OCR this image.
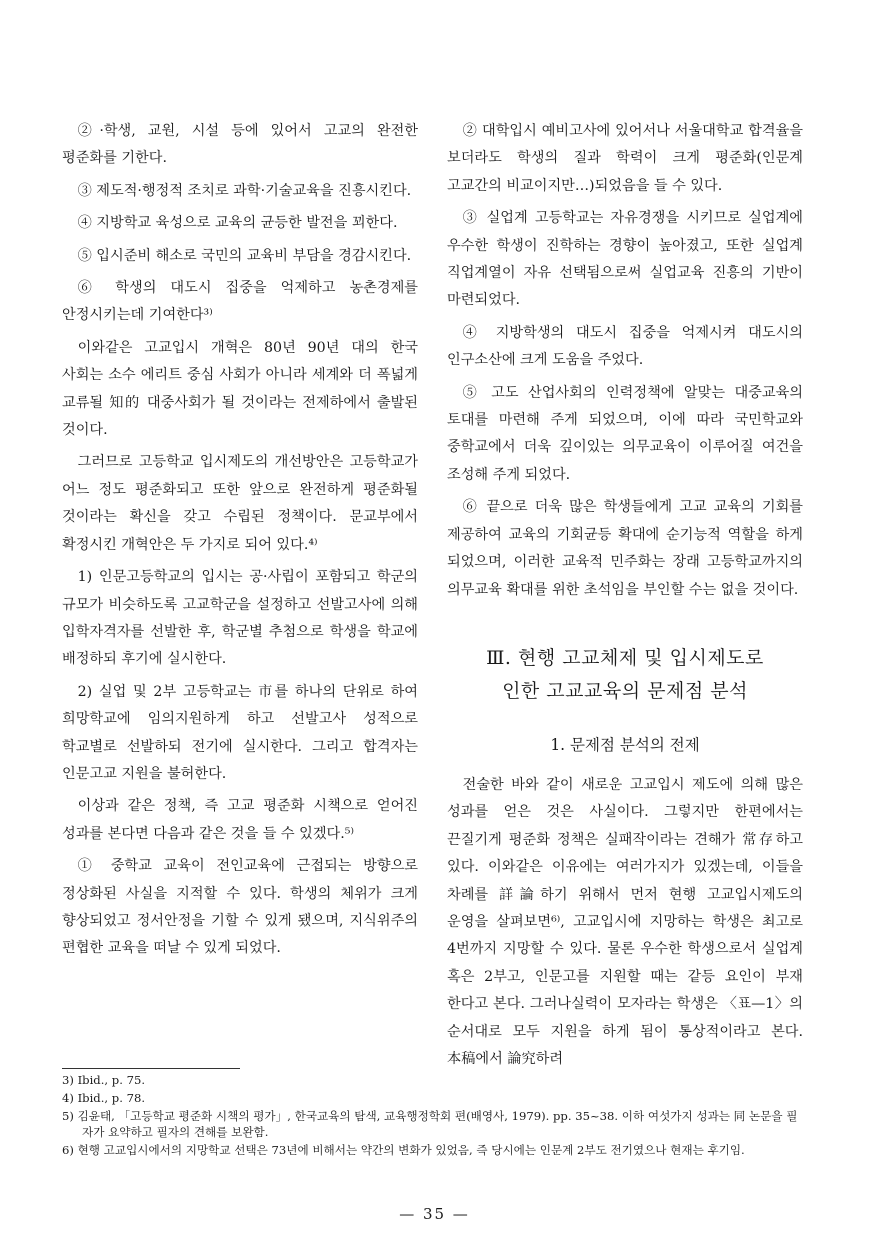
②·학생, 교원, 시설 등에 있어서 고교의 완전한 평준화를 기한다.

③ 제도적·행정적 조치로 과학·기술교육을 진흥시킨다.

④ 지방학교 육성으로 교육의 균등한 발전을 꾀한다.

⑤ 입시준비 해소로 국민의 교육비 부담을 경감시킨다.

⑥ 학생의 대도시 집중을 억제하고 농촌경제를 안정시키는데 기여한다³⁾

이와같은 고교입시 개혁은 80년 90년 대의 한국 사회는 소수 에리트 중심 사회가 아니라 세계와 더 폭넓게 교류될 知的 대중사회가 될 것이라는 전제하에서 출발된 것이다.

그러므로 고등학교 입시제도의 개선방안은 고등학교가 어느 정도 평준화되고 또한 앞으로 완전하게 평준화될 것이라는 확신을 갖고 수립된 정책이다. 문교부에서 확정시킨 개혁안은 두 가지로 되어 있다.⁴⁾

1) 인문고등학교의 입시는 공·사립이 포함되고 학군의 규모가 비슷하도록 고교학군을 설정하고 선발고사에 의해 입학자격자를 선발한 후, 학군별 추첨으로 학생을 학교에 배정하되 후기에 실시한다.

2) 실업 및 2부 고등학교는 市를 하나의 단위로 하여 희망학교에 임의지원하게 하고 선발고사 성적으로 학교별로 선발하되 전기에 실시한다. 그리고 합격자는 인문고교 지원을 불허한다.

이상과 같은 정책, 즉 고교 평준화 시책으로 얻어진 성과를 본다면 다음과 같은 것을 들 수 있겠다.⁵⁾

① 중학교 교육이 전인교육에 근접되는 방향으로 정상화된 사실을 지적할 수 있다. 학생의 체위가 크게 향상되었고 정서안정을 기할 수 있게 됐으며, 지식위주의 편협한 교육을 떠날 수 있게 되었다.

② 대학입시 예비고사에 있어서나 서울대학교 합격율을 보더라도 학생의 질과 학력이 크게 평준화(인문계 고교간의 비교이지만…)되었음을 들 수 있다.

③ 실업계 고등학교는 자유경쟁을 시키므로 실업계에 우수한 학생이 진학하는 경향이 높아졌고, 또한 실업계 직업계열이 자유 선택됨으로써 실업교육 진흥의 기반이 마련되었다.

④ 지방학생의 대도시 집중을 억제시켜 대도시의 인구소산에 크게 도움을 주었다.

⑤ 고도 산업사회의 인력정책에 알맞는 대중교육의 토대를 마련해 주게 되었으며, 이에 따라 국민학교와 중학교에서 더욱 깊이있는 의무교육이 이루어질 여건을 조성해 주게 되었다.

⑥ 끝으로 더욱 많은 학생들에게 고교 교육의 기회를 제공하여 교육의 기회균등 확대에 순기능적 역할을 하게 되었으며, 이러한 교육적 민주화는 장래 고등학교까지의 의무교육 확대를 위한 초석임을 부인할 수는 없을 것이다.

Ⅲ. 현행 고교체제 및 입시제도로
인한 고교교육의 문제점 분석
1. 문제점 분석의 전제

전술한 바와 같이 새로운 고교입시 제도에 의해 많은 성과를 얻은 것은 사실이다. 그렇지만 한편에서는 끈질기게 평준화 정책은 실패작이라는 견해가 常存하고 있다. 이와같은 이유에는 여러가지가 있겠는데, 이들을 차례를 詳論하기 위해서 먼저 현행 고교입시제도의 운영을 살펴보면⁶⁾, 고교입시에 지망하는 학생은 최고로 4번까지 지망할 수 있다. 물론 우수한 학생으로서 실업계 혹은 2부고, 인문고를 지원할 때는 같등 요인이 부재 한다고 본다. 그러나실력이 모자라는 학생은 〈표—1〉의 순서대로 모두 지원을 하게 됨이 통상적이라고 본다. 本稿에서 論究하려

3) Ibid., p. 75.

4) Ibid., p. 78.

5) 김윤태, 「고등학교 평준화 시책의 평가」, 한국교육의 탐색, 교육행정학회 편(배영사, 1979). pp. 35~38. 이하 여섯가지 성과는 同 논문을 필자가 요약하고 필자의 견해를 보완함.

6) 현행 고교입시에서의 지망학교 선택은 73년에 비해서는 약간의 변화가 있었음, 즉 당시에는 인문계 2부도 전기였으나 현재는 후기임.

— 35 —
